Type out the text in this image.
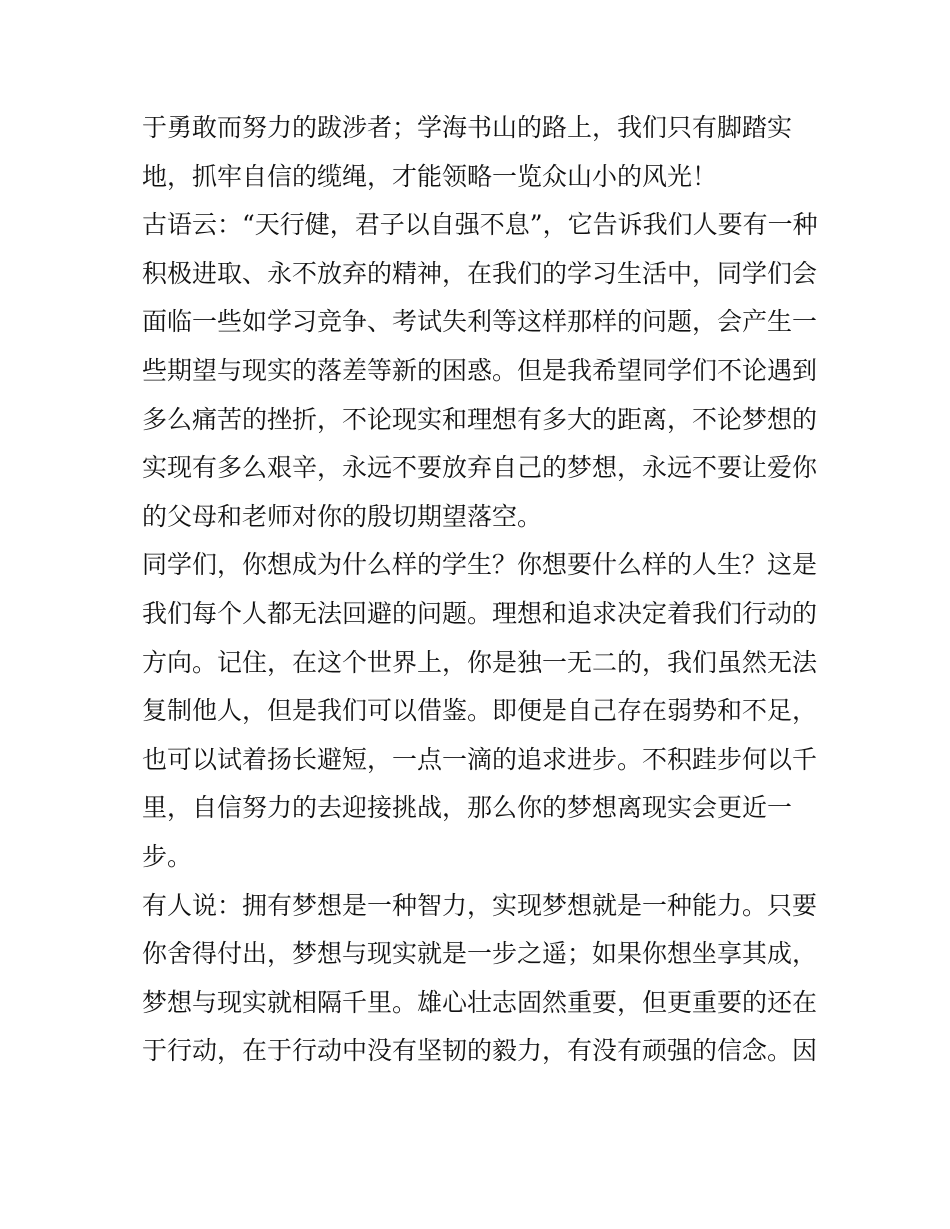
于勇敢而努力的跋涉者；学海书山的路上，我们只有脚踏实
地，抓牢自信的缆绳，才能领略一览众山小的风光！
古语云：“天行健，君子以自强不息”，它告诉我们人要有一种
积极进取、永不放弃的精神，在我们的学习生活中，同学们会
面临一些如学习竞争、考试失利等这样那样的问题，会产生一
些期望与现实的落差等新的困惑。但是我希望同学们不论遇到
多么痛苦的挫折，不论现实和理想有多大的距离，不论梦想的
实现有多么艰辛，永远不要放弃自己的梦想，永远不要让爱你
的父母和老师对你的殷切期望落空。
同学们，你想成为什么样的学生？你想要什么样的人生？这是
我们每个人都无法回避的问题。理想和追求决定着我们行动的
方向。记住，在这个世界上，你是独一无二的，我们虽然无法
复制他人，但是我们可以借鉴。即便是自己存在弱势和不足，
也可以试着扬长避短，一点一滴的追求进步。不积跬步何以千
里，自信努力的去迎接挑战，那么你的梦想离现实会更近一
步。
有人说：拥有梦想是一种智力，实现梦想就是一种能力。只要
你舍得付出，梦想与现实就是一步之遥；如果你想坐享其成，
梦想与现实就相隔千里。雄心壮志固然重要，但更重要的还在
于行动，在于行动中没有坚韧的毅力，有没有顽强的信念。因
